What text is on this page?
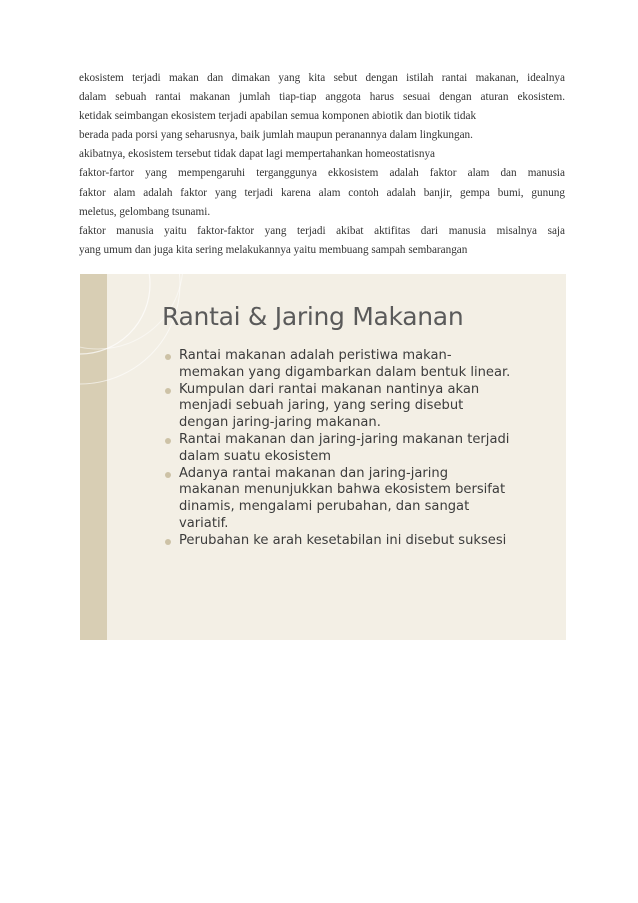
ekosistem terjadi makan dan dimakan yang kita sebut dengan istilah rantai makanan, idealnya
dalam sebuah rantai makanan jumlah tiap-tiap anggota harus sesuai dengan aturan ekosistem.
ketidak seimbangan ekosistem terjadi apabilan semua komponen abiotik dan biotik tidak
berada pada porsi yang seharusnya, baik jumlah maupun peranannya dalam lingkungan.
akibatnya, ekosistem tersebut tidak dapat lagi mempertahankan homeostatisnya
faktor-fartor yang mempengaruhi terganggunya ekkosistem adalah faktor alam dan manusia
faktor alam adalah faktor yang terjadi karena alam contoh adalah banjir, gempa bumi, gunung
meletus, gelombang tsunami.
faktor manusia yaitu faktor-faktor yang terjadi akibat aktifitas dari manusia misalnya saja
yang umum dan juga kita sering melakukannya yaitu membuang sampah sembarangan
Rantai & Jaring Makanan
Rantai makanan adalah peristiwa makan-
memakan yang digambarkan dalam bentuk linear.
Kumpulan dari rantai makanan nantinya akan
menjadi sebuah jaring, yang sering disebut
dengan jaring-jaring makanan.
Rantai makanan dan jaring-jaring makanan terjadi
dalam suatu ekosistem
Adanya rantai makanan dan jaring-jaring
makanan menunjukkan bahwa ekosistem bersifat
dinamis, mengalami perubahan, dan sangat
variatif.
Perubahan ke arah kesetabilan ini disebut suksesi
